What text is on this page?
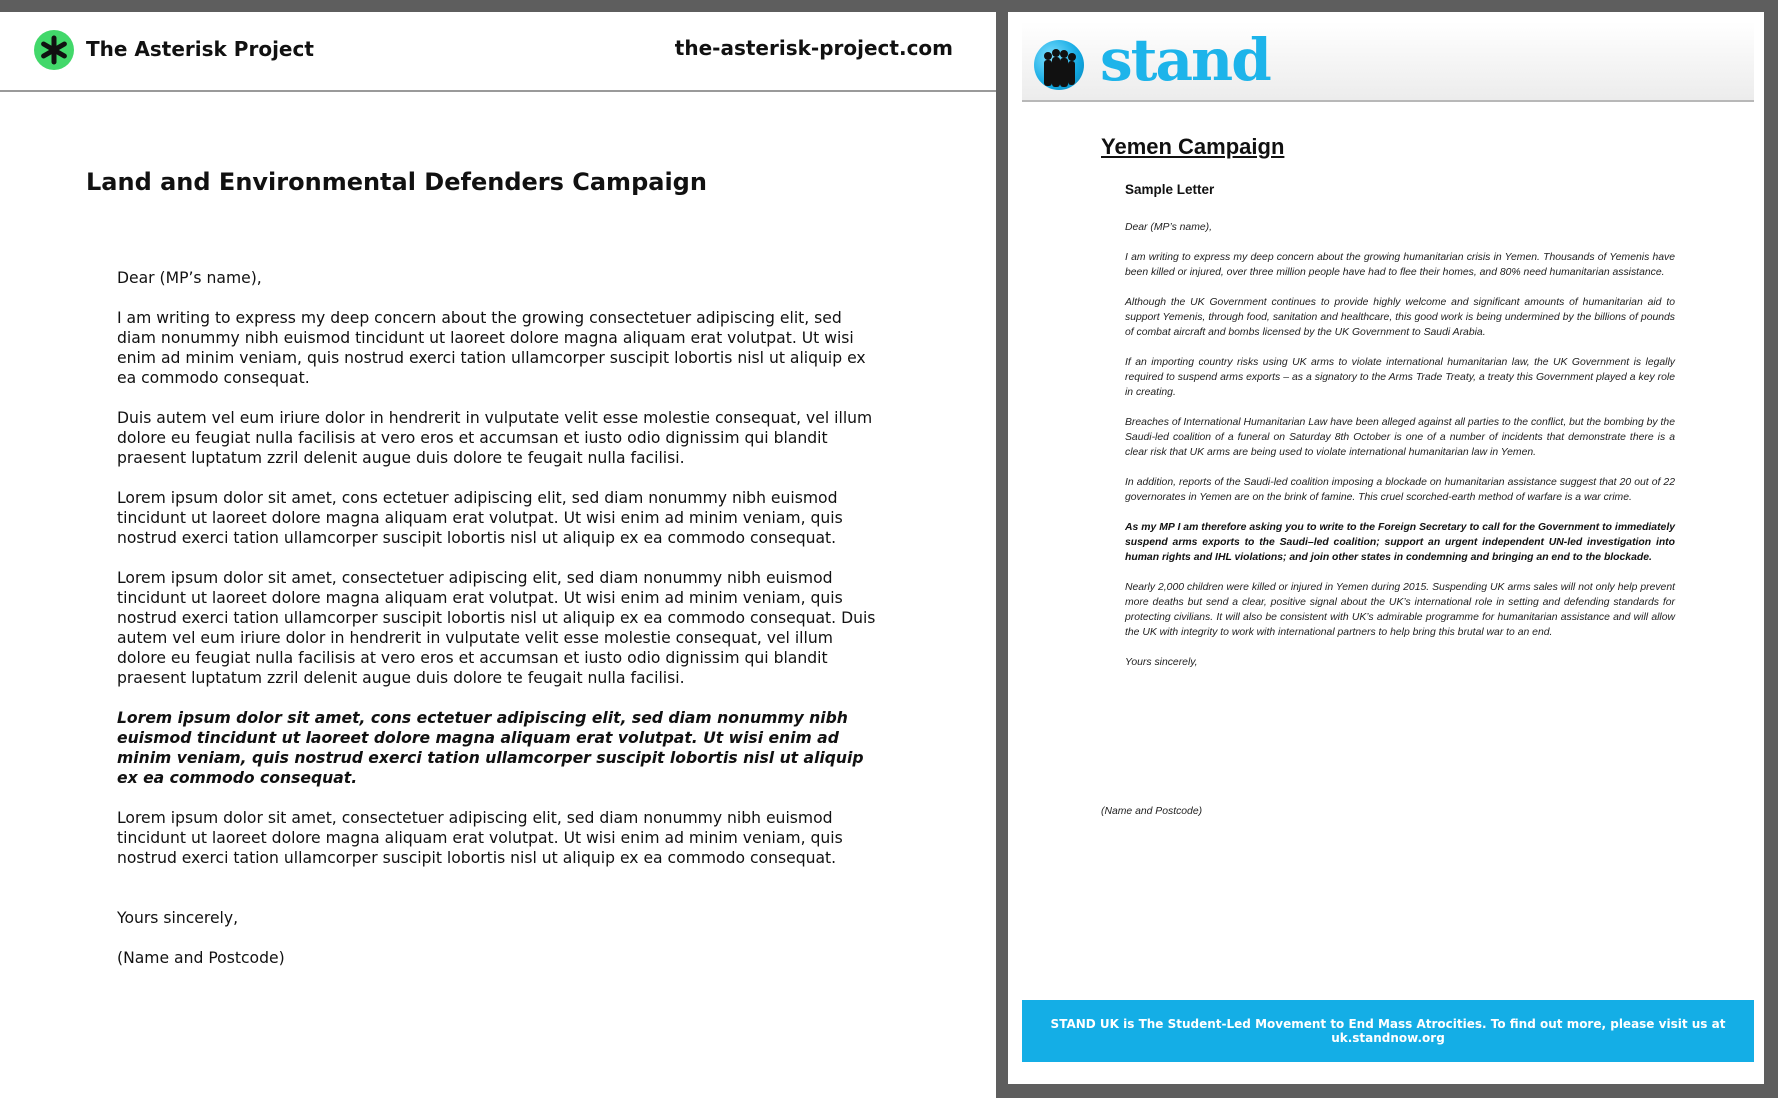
The Asterisk Project	the-asterisk-project.com
Land and Environmental Defenders Campaign

Dear (MP’s name),

I am writing to express my deep concern about the growing consectetuer adipiscing elit, sed diam nonummy nibh euismod tincidunt ut laoreet dolore magna aliquam erat volutpat. Ut wisi enim ad minim veniam, quis nostrud exerci tation ullamcorper suscipit lobortis nisl ut aliquip ex ea commodo consequat.

Duis autem vel eum iriure dolor in hendrerit in vulputate velit esse molestie consequat, vel illum dolore eu feugiat nulla facilisis at vero eros et accumsan et iusto odio dignissim qui blandit praesent luptatum zzril delenit augue duis dolore te feugait nulla facilisi.

Lorem ipsum dolor sit amet, cons ectetuer adipiscing elit, sed diam nonummy nibh euismod tincidunt ut laoreet dolore magna aliquam erat volutpat. Ut wisi enim ad minim veniam, quis nostrud exerci tation ullamcorper suscipit lobortis nisl ut aliquip ex ea commodo consequat.

Lorem ipsum dolor sit amet, consectetuer adipiscing elit, sed diam nonummy nibh euismod tincidunt ut laoreet dolore magna aliquam erat volutpat. Ut wisi enim ad minim veniam, quis nostrud exerci tation ullamcorper suscipit lobortis nisl ut aliquip ex ea commodo consequat. Duis autem vel eum iriure dolor in hendrerit in vulputate velit esse molestie consequat, vel illum dolore eu feugiat nulla facilisis at vero eros et accumsan et iusto odio dignissim qui blandit praesent luptatum zzril delenit augue duis dolore te feugait nulla facilisi.

Lorem ipsum dolor sit amet, cons ectetuer adipiscing elit, sed diam nonummy nibh euismod tincidunt ut laoreet dolore magna aliquam erat volutpat. Ut wisi enim ad minim veniam, quis nostrud exerci tation ullamcorper suscipit lobortis nisl ut aliquip ex ea commodo consequat.

Lorem ipsum dolor sit amet, consectetuer adipiscing elit, sed diam nonummy nibh euismod tincidunt ut laoreet dolore magna aliquam erat volutpat. Ut wisi enim ad minim veniam, quis nostrud exerci tation ullamcorper suscipit lobortis nisl ut aliquip ex ea commodo consequat.

Yours sincerely,

(Name and Postcode)

stand
Yemen Campaign
Sample Letter

Dear (MP’s name),

I am writing to express my deep concern about the growing humanitarian crisis in Yemen. Thousands of Yemenis have been killed or injured, over three million people have had to flee their homes, and 80% need humanitarian assistance.

Although the UK Government continues to provide highly welcome and significant amounts of humanitarian aid to support Yemenis, through food, sanitation and healthcare, this good work is being undermined by the billions of pounds of combat aircraft and bombs licensed by the UK Government to Saudi Arabia.

If an importing country risks using UK arms to violate international humanitarian law, the UK Government is legally required to suspend arms exports – as a signatory to the Arms Trade Treaty, a treaty this Government played a key role in creating.

Breaches of International Humanitarian Law have been alleged against all parties to the conflict, but the bombing by the Saudi-led coalition of a funeral on Saturday 8th October is one of a number of incidents that demonstrate there is a clear risk that UK arms are being used to violate international humanitarian law in Yemen.

In addition, reports of the Saudi-led coalition imposing a blockade on humanitarian assistance suggest that 20 out of 22 governorates in Yemen are on the brink of famine. This cruel scorched-earth method of warfare is a war crime.

As my MP I am therefore asking you to write to the Foreign Secretary to call for the Government to immediately suspend arms exports to the Saudi–led coalition; support an urgent independent UN-led investigation into human rights and IHL violations; and join other states in condemning and bringing an end to the blockade.

Nearly 2,000 children were killed or injured in Yemen during 2015. Suspending UK arms sales will not only help prevent more deaths but send a clear, positive signal about the UK’s international role in setting and defending standards for protecting civilians. It will also be consistent with UK’s admirable programme for humanitarian assistance and will allow the UK with integrity to work with international partners to help bring this brutal war to an end.

Yours sincerely,

(Name and Postcode)
STAND UK is The Student-Led Movement to End Mass Atrocities. To find out more, please visit us at uk.standnow.org
